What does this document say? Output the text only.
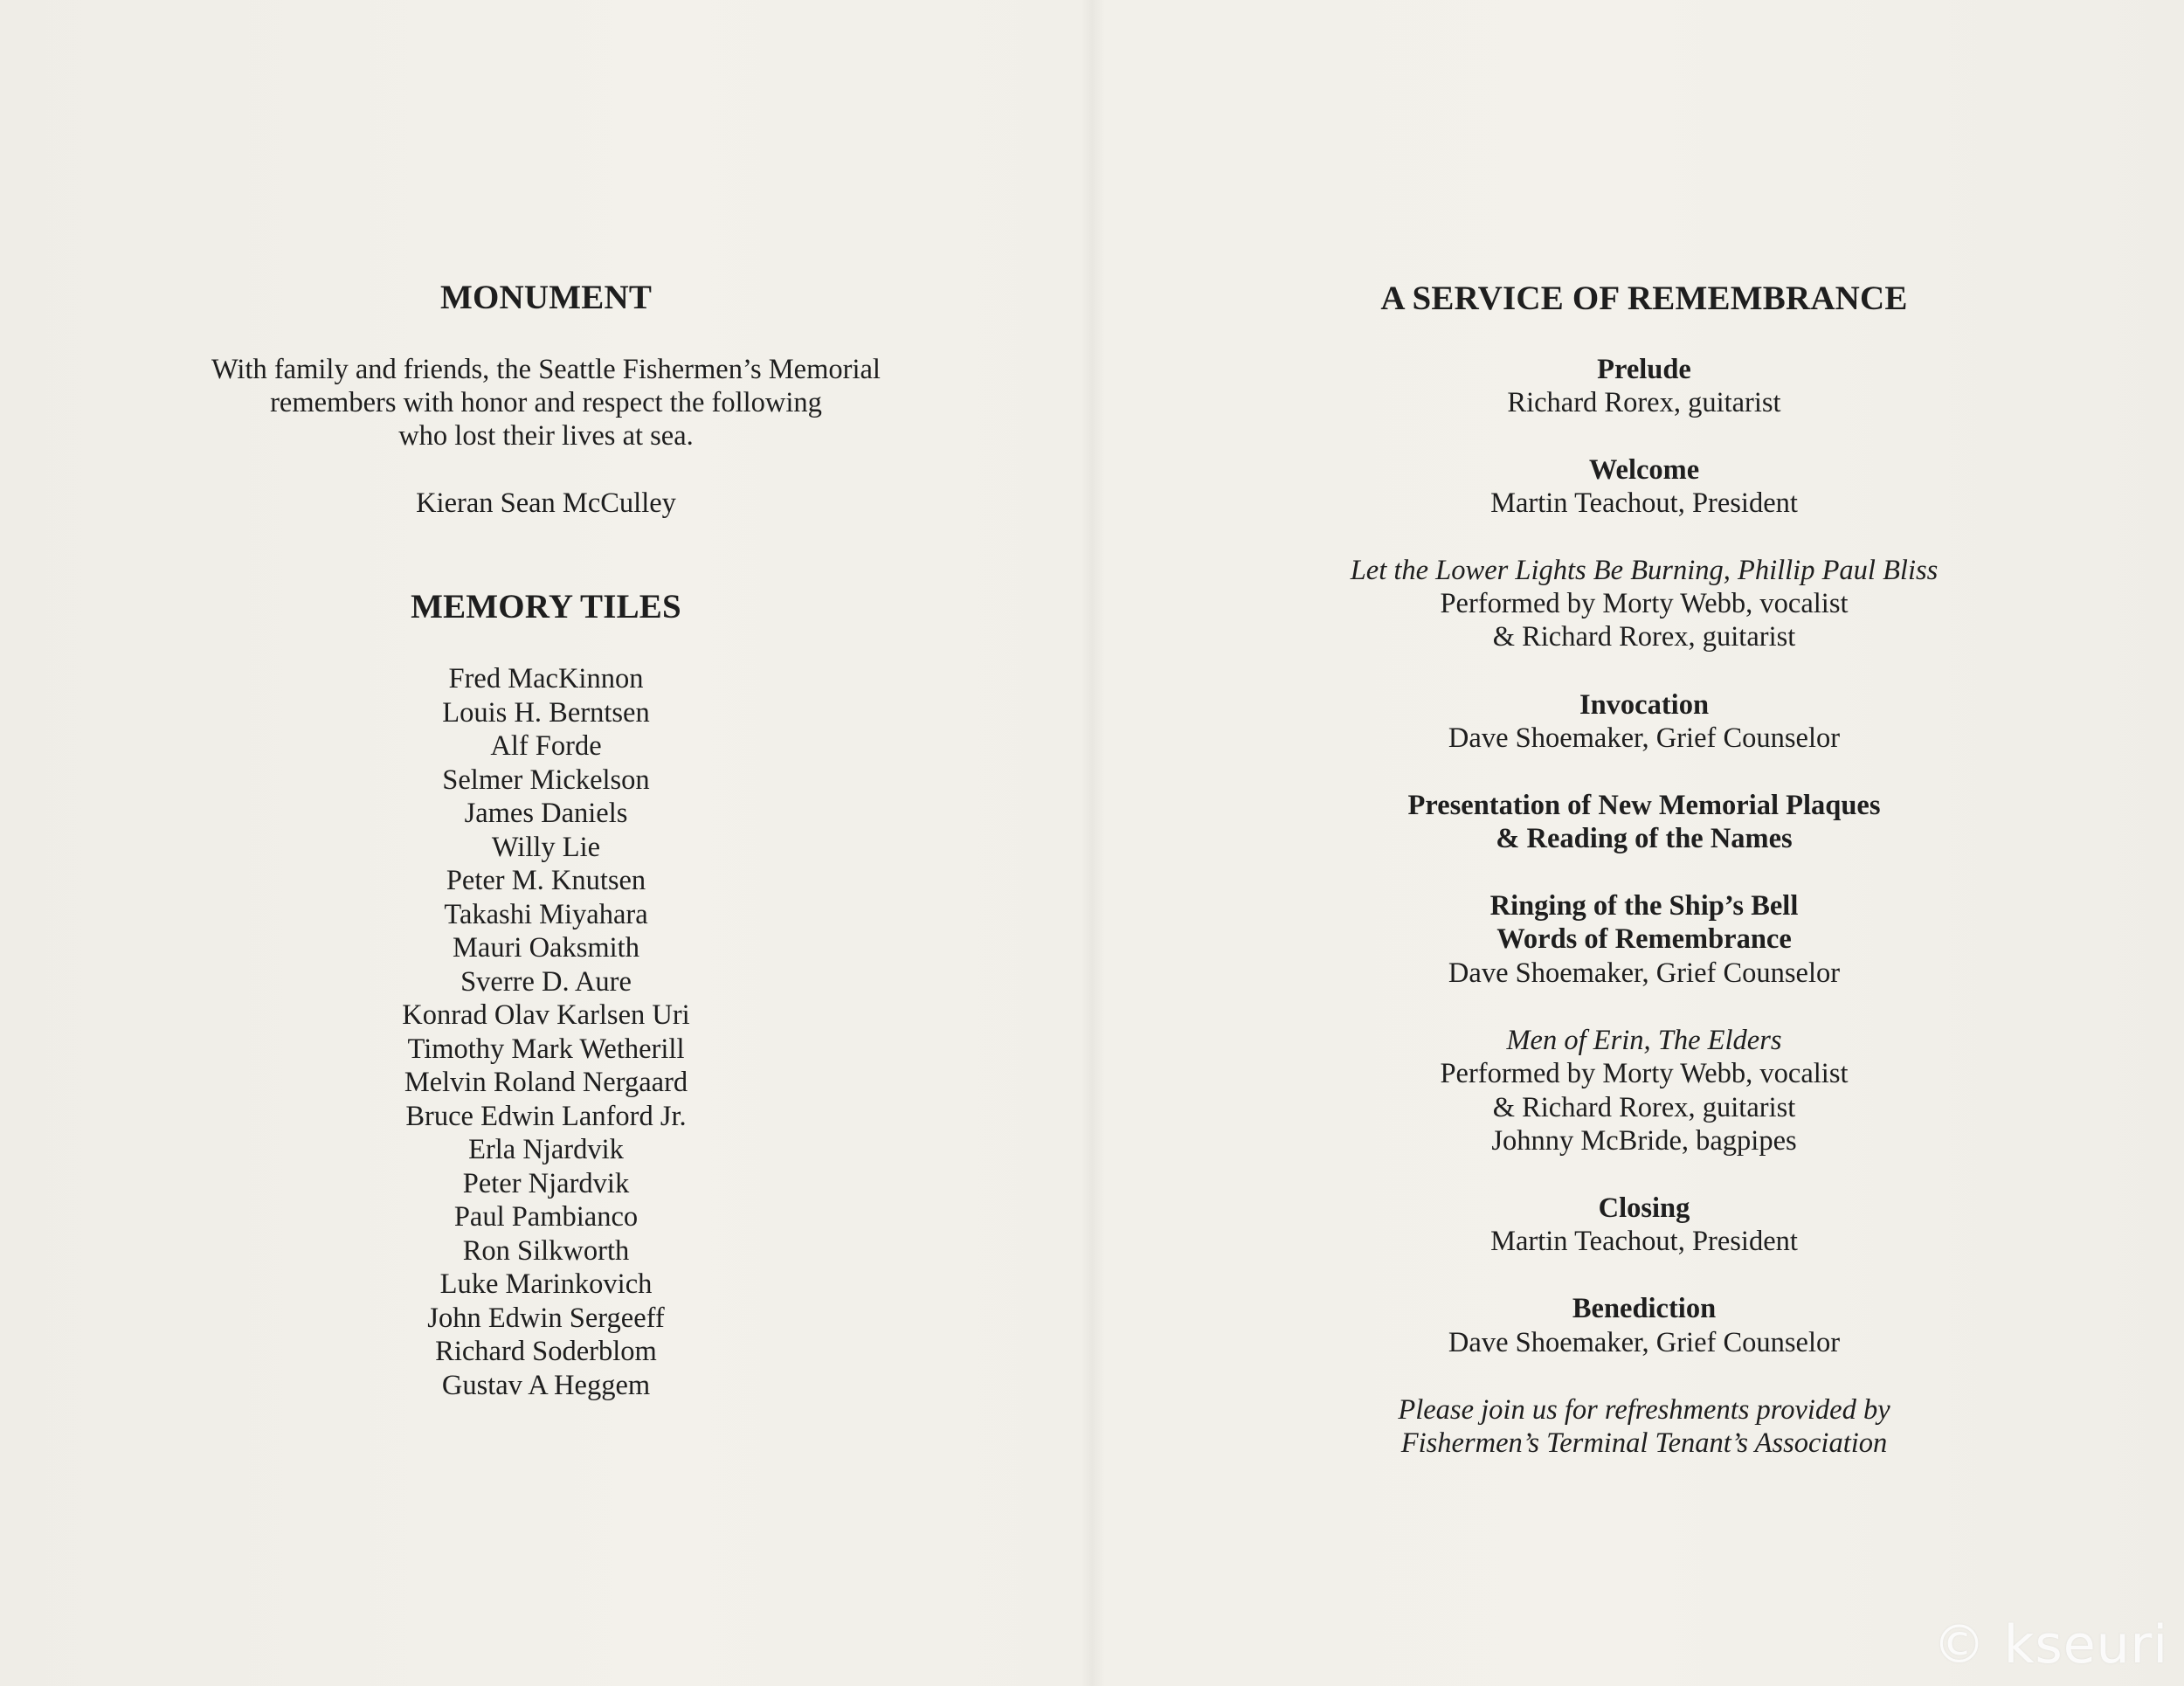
MONUMENT
With family and friends, the Seattle Fishermen’s Memorial
remembers with honor and respect the following
who lost their lives at sea.
Kieran Sean McCulley
MEMORY TILES
Fred MacKinnon
Louis H. Berntsen
Alf Forde
Selmer Mickelson
James Daniels
Willy Lie
Peter M. Knutsen
Takashi Miyahara
Mauri Oaksmith
Sverre D. Aure
Konrad Olav Karlsen Uri
Timothy Mark Wetherill
Melvin Roland Nergaard
Bruce Edwin Lanford Jr.
Erla Njardvik
Peter Njardvik
Paul Pambianco
Ron Silkworth
Luke Marinkovich
John Edwin Sergeeff
Richard Soderblom
Gustav A Heggem
A SERVICE OF REMEMBRANCE
Prelude
Richard Rorex, guitarist
Welcome
Martin Teachout, President
Let the Lower Lights Be Burning, Phillip Paul Bliss
Performed by Morty Webb, vocalist
& Richard Rorex, guitarist
Invocation
Dave Shoemaker, Grief Counselor
Presentation of New Memorial Plaques
& Reading of the Names
Ringing of the Ship’s Bell
Words of Remembrance
Dave Shoemaker, Grief Counselor
Men of Erin, The Elders
Performed by Morty Webb, vocalist
& Richard Rorex, guitarist
Johnny McBride, bagpipes
Closing
Martin Teachout, President
Benediction
Dave Shoemaker, Grief Counselor
Please join us for refreshments provided by
Fishermen’s Terminal Tenant’s Association
© kseuri
